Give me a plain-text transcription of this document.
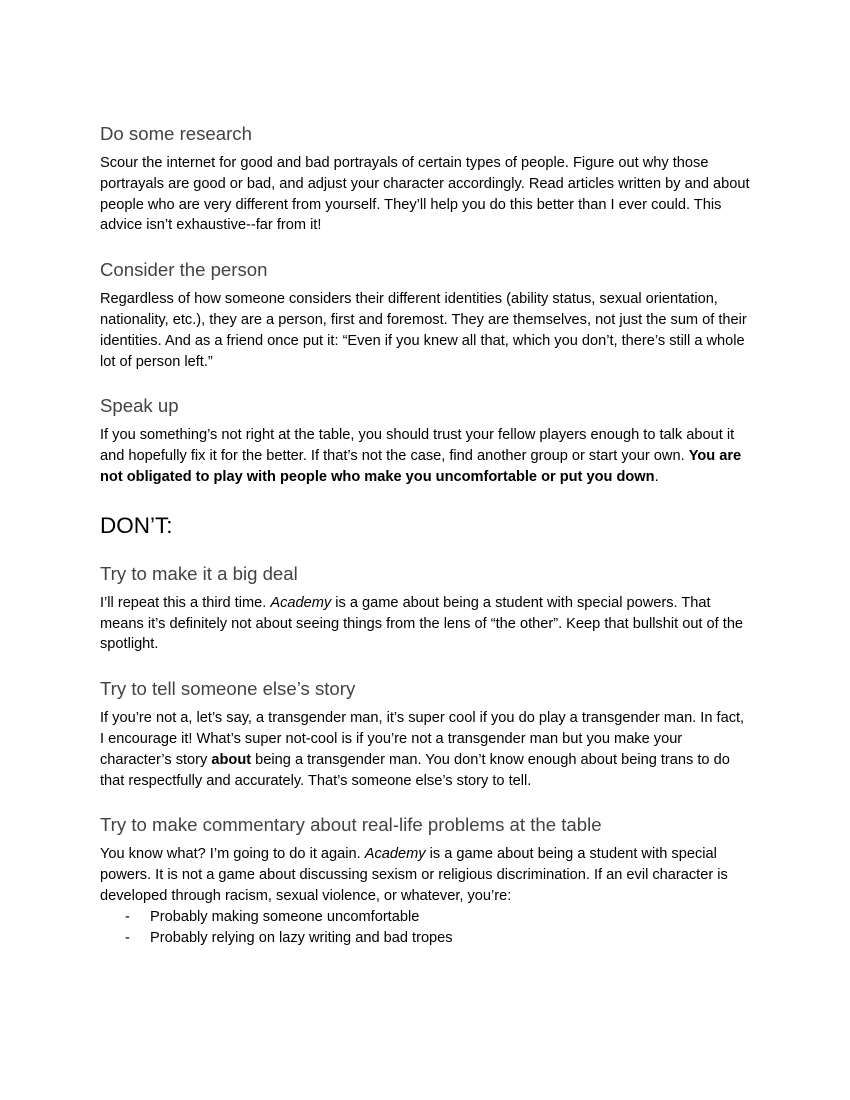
Do some research

Scour the internet for good and bad portrayals of certain types of people. Figure out why those portrayals are good or bad, and adjust your character accordingly. Read articles written by and about people who are very different from yourself. They’ll help you do this better than I ever could. This advice isn’t exhaustive--far from it!

Consider the person

Regardless of how someone considers their different identities (ability status, sexual orientation, nationality, etc.), they are a person, first and foremost. They are themselves, not just the sum of their identities. And as a friend once put it: “Even if you knew all that, which you don’t, there’s still a whole lot of person left.”

Speak up

If you something’s not right at the table, you should trust your fellow players enough to talk about it and hopefully fix it for the better. If that’s not the case, find another group or start your own. You are not obligated to play with people who make you uncomfortable or put you down.

DON’T:
Try to make it a big deal

I’ll repeat this a third time. Academy is a game about being a student with special powers. That means it’s definitely not about seeing things from the lens of “the other”. Keep that bullshit out of the spotlight.

Try to tell someone else’s story

If you’re not a, let’s say, a transgender man, it’s super cool if you do play a transgender man. In fact, I encourage it! What’s super not-cool is if you’re not a transgender man but you make your character’s story about being a transgender man. You don’t know enough about being trans to do that respectfully and accurately. That’s someone else’s story to tell.

Try to make commentary about real-life problems at the table

You know what? I’m going to do it again. Academy is a game about being a student with special powers. It is not a game about discussing sexism or religious discrimination. If an evil character is developed through racism, sexual violence, or whatever, you’re:

- Probably making someone uncomfortable
- Probably relying on lazy writing and bad tropes
